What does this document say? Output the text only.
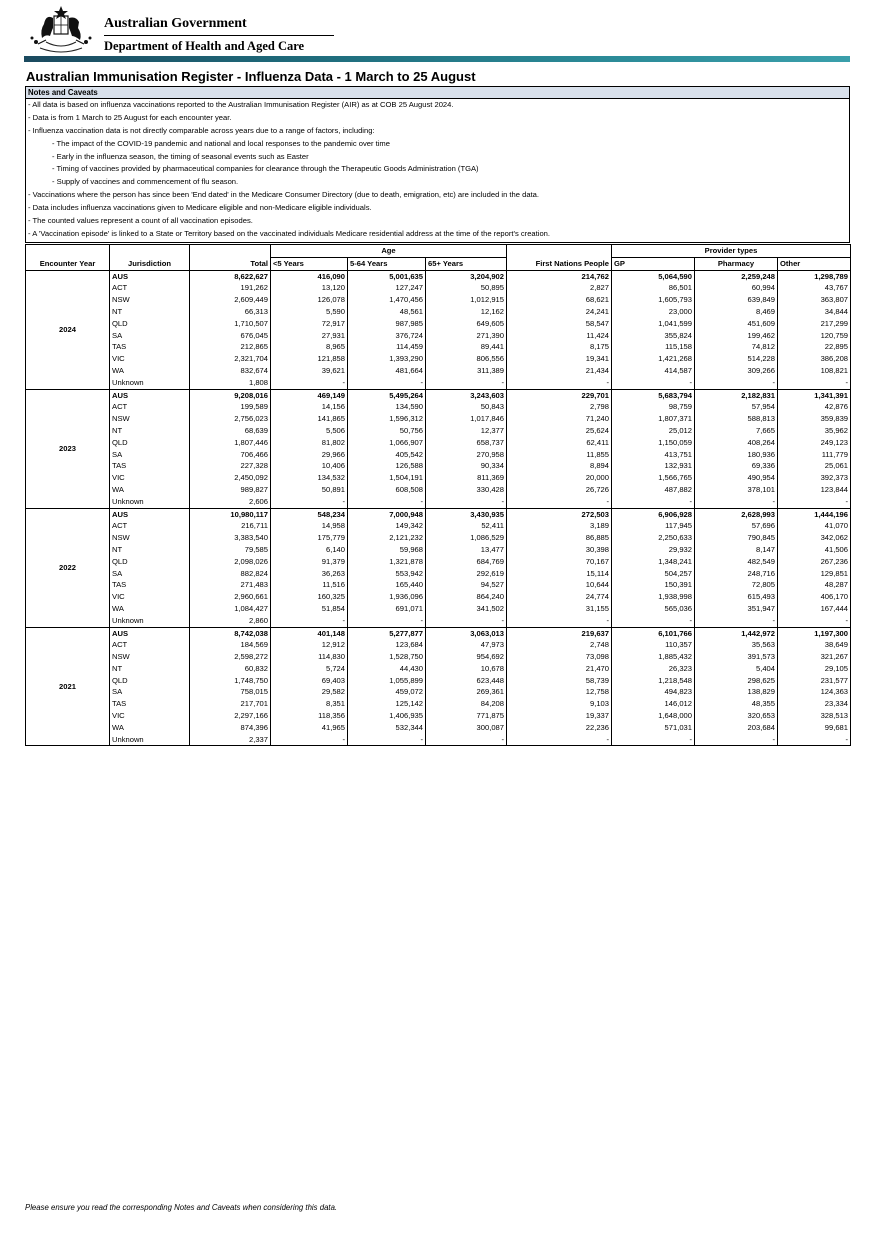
Australian Government
Department of Health and Aged Care
Australian Immunisation Register - Influenza Data - 1 March to 25 August
Notes and Caveats
- All data is based on influenza vaccinations reported to the Australian Immunisation Register (AIR) as at COB 25 August 2024.
- Data is from 1 March to 25 August for each encounter year.
- Influenza vaccination data is not directly comparable across years due to a range of factors, including:
- The impact of the COVID-19 pandemic and national and local responses to the pandemic over time
- Early in the influenza season, the timing of seasonal events such as Easter
- Timing of vaccines provided by pharmaceutical companies for clearance through the Therapeutic Goods Administration (TGA)
- Supply of vaccines and commencement of flu season.
- Vaccinations where the person has since been 'End dated' in the Medicare Consumer Directory (due to death, emigration, etc) are included in the data.
- Data includes influenza vaccinations given to Medicare eligible and non-Medicare eligible individuals.
- The counted values represent a count of all vaccination episodes.
- A 'Vaccination episode' is linked to a State or Territory based on the vaccinated individuals Medicare residential address at the time of the report's creation.
			Age				Provider types		
Encounter Year	Jurisdiction	Total	<5 Years	5-64 Years	65+ Years	First Nations People	GP	Pharmacy	Other
2024	AUS	8,622,627	416,090	5,001,635	3,204,902	214,762	5,064,590	2,259,248	1,298,789
	ACT	191,262	13,120	127,247	50,895	2,827	86,501	60,994	43,767
	NSW	2,609,449	126,078	1,470,456	1,012,915	68,621	1,605,793	639,849	363,807
	NT	66,313	5,590	48,561	12,162	24,241	23,000	8,469	34,844
	QLD	1,710,507	72,917	987,985	649,605	58,547	1,041,599	451,609	217,299
	SA	676,045	27,931	376,724	271,390	11,424	355,824	199,462	120,759
	TAS	212,865	8,965	114,459	89,441	8,175	115,158	74,812	22,895
	VIC	2,321,704	121,858	1,393,290	806,556	19,341	1,421,268	514,228	386,208
	WA	832,674	39,621	481,664	311,389	21,434	414,587	309,266	108,821
	Unknown	1,808	-	-	-	-	-	-	-
2023	AUS	9,208,016	469,149	5,495,264	3,243,603	229,701	5,683,794	2,182,831	1,341,391
	ACT	199,589	14,156	134,590	50,843	2,798	98,759	57,954	42,876
	NSW	2,756,023	141,865	1,596,312	1,017,846	71,240	1,807,371	588,813	359,839
	NT	68,639	5,506	50,756	12,377	25,624	25,012	7,665	35,962
	QLD	1,807,446	81,802	1,066,907	658,737	62,411	1,150,059	408,264	249,123
	SA	706,466	29,966	405,542	270,958	11,855	413,751	180,936	111,779
	TAS	227,328	10,406	126,588	90,334	8,894	132,931	69,336	25,061
	VIC	2,450,092	134,532	1,504,191	811,369	20,000	1,566,765	490,954	392,373
	WA	989,827	50,891	608,508	330,428	26,726	487,882	378,101	123,844
	Unknown	2,606	-	-	-	-	-	-	-
2022	AUS	10,980,117	548,234	7,000,948	3,430,935	272,503	6,906,928	2,628,993	1,444,196
	ACT	216,711	14,958	149,342	52,411	3,189	117,945	57,696	41,070
	NSW	3,383,540	175,779	2,121,232	1,086,529	86,885	2,250,633	790,845	342,062
	NT	79,585	6,140	59,968	13,477	30,398	29,932	8,147	41,506
	QLD	2,098,026	91,379	1,321,878	684,769	70,167	1,348,241	482,549	267,236
	SA	882,824	36,263	553,942	292,619	15,114	504,257	248,716	129,851
	TAS	271,483	11,516	165,440	94,527	10,644	150,391	72,805	48,287
	VIC	2,960,661	160,325	1,936,096	864,240	24,774	1,938,998	615,493	406,170
	WA	1,084,427	51,854	691,071	341,502	31,155	565,036	351,947	167,444
	Unknown	2,860	-	-	-	-	-	-	-
2021	AUS	8,742,038	401,148	5,277,877	3,063,013	219,637	6,101,766	1,442,972	1,197,300
	ACT	184,569	12,912	123,684	47,973	2,748	110,357	35,563	38,649
	NSW	2,598,272	114,830	1,528,750	954,692	73,098	1,885,432	391,573	321,267
	NT	60,832	5,724	44,430	10,678	21,470	26,323	5,404	29,105
	QLD	1,748,750	69,403	1,055,899	623,448	58,739	1,218,548	298,625	231,577
	SA	758,015	29,582	459,072	269,361	12,758	494,823	138,829	124,363
	TAS	217,701	8,351	125,142	84,208	9,103	146,012	48,355	23,334
	VIC	2,297,166	118,356	1,406,935	771,875	19,337	1,648,000	320,653	328,513
	WA	874,396	41,965	532,344	300,087	22,236	571,031	203,684	99,681
	Unknown	2,337	-	-	-	-	-	-	-
Please ensure you read the corresponding Notes and Caveats when considering this data.
